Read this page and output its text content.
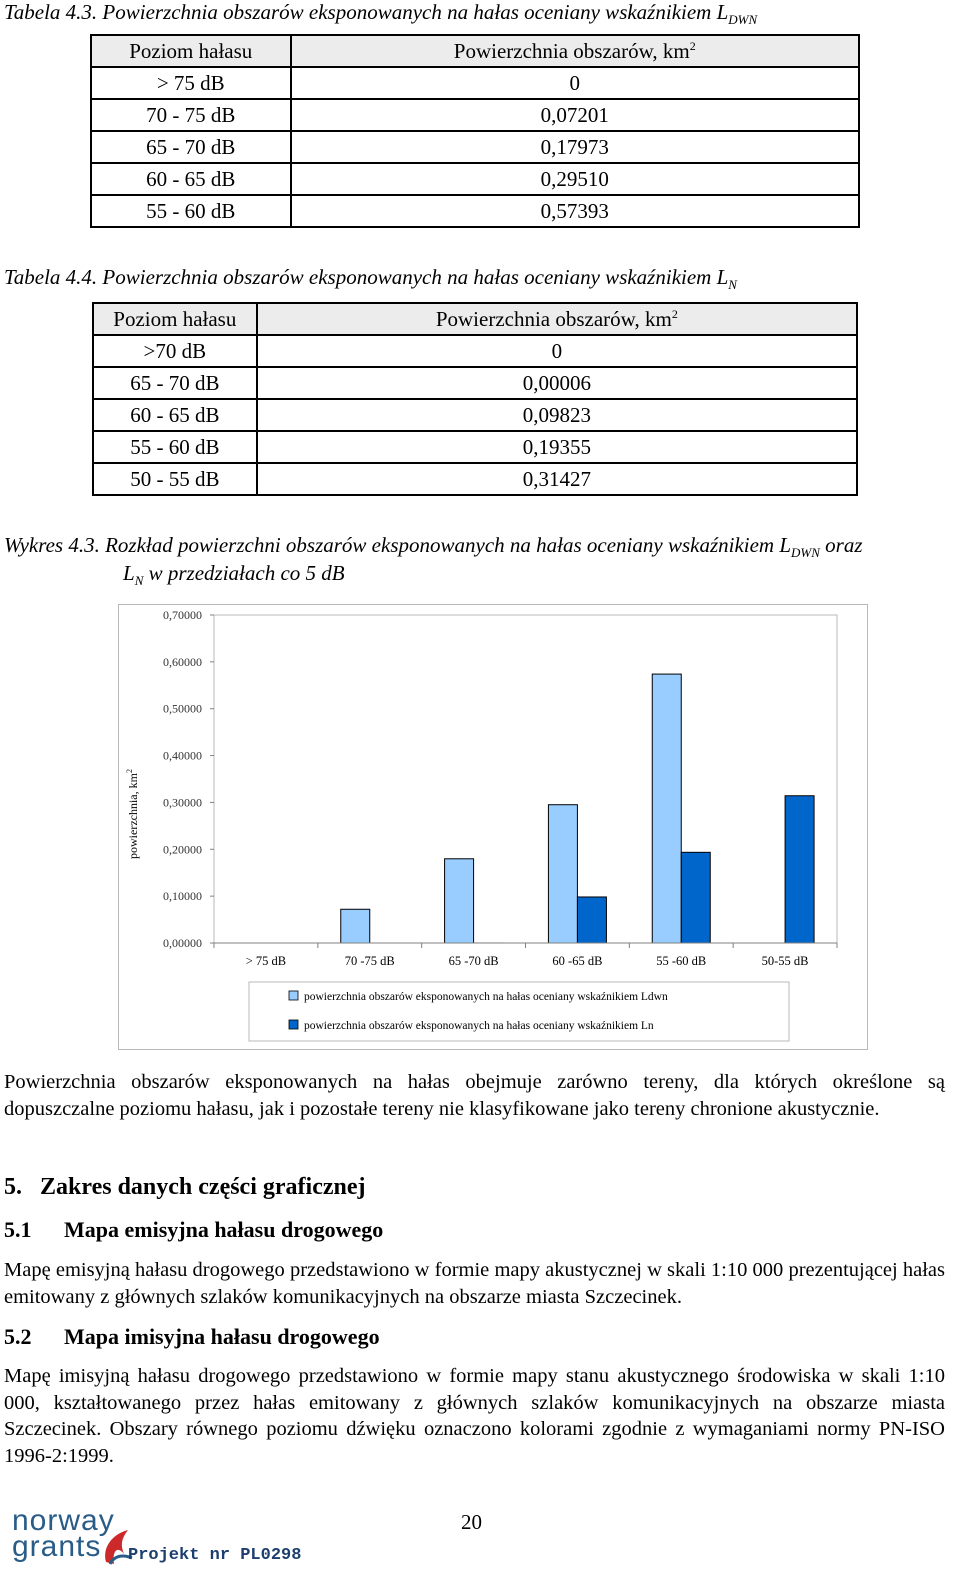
Tabela 4.3. Powierzchnia obszarów eksponowanych na hałas oceniany wskaźnikiem $L_{DWN}$
Poziom hałasu	Powierzchnia obszarów, $km^2$
> 75 dB	0
70 - 75 dB	0,07201
65 - 70 dB	0,17973
60 - 65 dB	0,29510
55 - 60 dB	0,57393
Tabela 4.4. Powierzchnia obszarów eksponowanych na hałas oceniany wskaźnikiem $L_N$
Poziom hałasu	Powierzchnia obszarów, $km^2$
>70 dB	0
65 - 70 dB	0,00006
60 - 65 dB	0,09823
55 - 60 dB	0,19355
50 - 55 dB	0,31427
Wykres 4.3. Rozkład powierzchni obszarów eksponowanych na hałas oceniany wskaźnikiem $L_{DWN}$ oraz
$L_N$ w przedziałach co 5 dB
0,00000
0,10000
0,20000
0,30000
0,40000
0,50000
0,60000
0,70000
powierzchnia, $km^2$
> 75 dB	70 -75 dB	65 -70 dB	60 -65 dB	55 -60 dB	50-55 dB
powierzchnia obszarów eksponowanych na hałas oceniany wskaźnikiem Ldwn
powierzchnia obszarów eksponowanych na hałas oceniany wskaźnikiem Ln
Powierzchnia obszarów eksponowanych na hałas obejmuje zarówno tereny, dla których określone są dopuszczalne poziomu hałasu, jak i pozostałe tereny nie klasyfikowane jako tereny chronione akustycznie.
5. Zakres danych części graficznej
5.1 Mapa emisyjna hałasu drogowego
Mapę emisyjną hałasu drogowego przedstawiono w formie mapy akustycznej w skali 1:10 000 prezentującej hałas emitowany z głównych szlaków komunikacyjnych na obszarze miasta Szczecinek.
5.2 Mapa imisyjna hałasu drogowego
Mapę imisyjną hałasu drogowego przedstawiono w formie mapy stanu akustycznego środowiska w skali 1:10 000, kształtowanego przez hałas emitowany z głównych szlaków komunikacyjnych na obszarze miasta Szczecinek. Obszary równego poziomu dźwięku oznaczono kolorami zgodnie z wymaganiami normy PN-ISO 1996-2:1999.
20
norway
grants	Projekt nr PL0298
